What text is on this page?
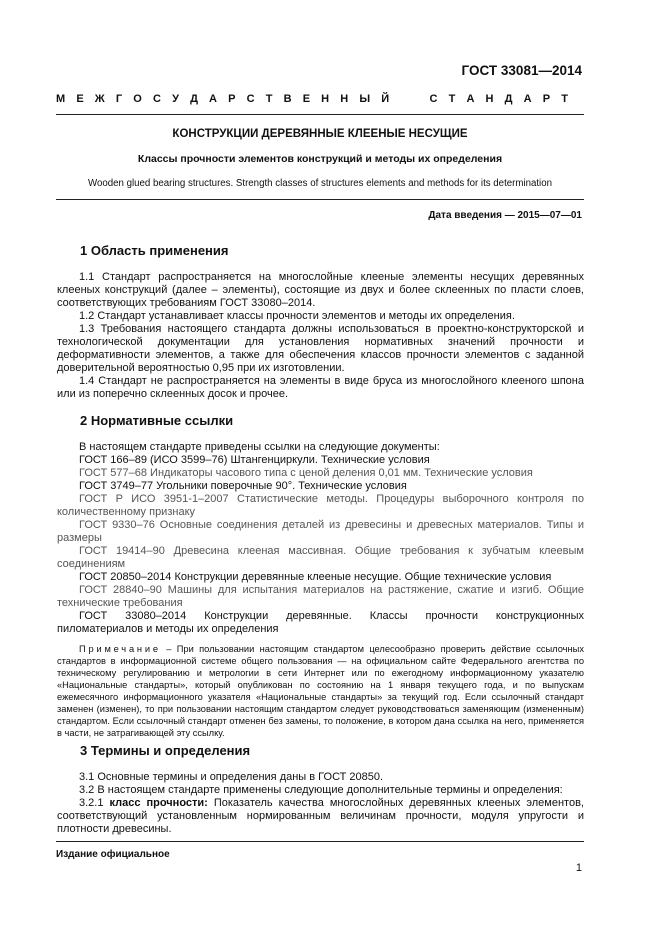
ГОСТ 33081—2014
М Е Ж Г О С У Д А Р С Т В Е Н Н Ы Й	С Т А Н Д А Р Т
КОНСТРУКЦИИ ДЕРЕВЯННЫЕ КЛЕЕНЫЕ НЕСУЩИЕ
Классы прочности элементов конструкций и методы их определения
Wooden glued bearing structures. Strength classes of structures elements and methods for its determination
Дата введения — 2015—07—01
1 Область применения

1.1 Стандарт распространяется на многослойные клееные элементы несущих деревянных клееных конструкций (далее – элементы), состоящие из двух и более склеенных по пласти слоев, соответствующих требованиям ГОСТ 33080–2014.

1.2 Стандарт устанавливает классы прочности элементов и методы их определения.

1.3 Требования настоящего стандарта должны использоваться в проектно-конструкторской и технологической документации для установления нормативных значений прочности и деформативности элементов, а также для обеспечения классов прочности элементов с заданной доверительной вероятностью 0,95 при их изготовлении.

1.4 Стандарт не распространяется на элементы в виде бруса из многослойного клееного шпона или из поперечно склеенных досок и прочее.

2 Нормативные ссылки

В настоящем стандарте приведены ссылки на следующие документы:

ГОСТ 166–89 (ИСО 3599–76) Штангенциркули. Технические условия

ГОСТ 577–68 Индикаторы часового типа с ценой деления 0,01 мм. Технические условия

ГОСТ 3749–77 Угольники поверочные 90°. Технические условия

ГОСТ Р ИСО 3951-1–2007 Статистические методы. Процедуры выборочного контроля по количественному признаку

ГОСТ 9330–76 Основные соединения деталей из древесины и древесных материалов. Типы и размеры

ГОСТ 19414–90 Древесина клееная массивная. Общие требования к зубчатым клеевым соединениям

ГОСТ 20850–2014 Конструкции деревянные клееные несущие. Общие технические условия

ГОСТ 28840–90 Машины для испытания материалов на растяжение, сжатие и изгиб. Общие технические требования

ГОСТ 33080–2014 Конструкции деревянные. Классы прочности конструкционных пиломатериалов и методы их определения

Примечание – При пользовании настоящим стандартом целесообразно проверить действие ссылочных стандартов в информационной системе общего пользования — на официальном сайте Федерального агентства по техническому регулированию и метрологии в сети Интернет или по ежегодному информационному указателю «Национальные стандарты», который опубликован по состоянию на 1 января текущего года, и по выпускам ежемесячного информационного указателя «Национальные стандарты» за текущий год. Если ссылочный стандарт заменен (изменен), то при пользовании настоящим стандартом следует руководствоваться заменяющим (измененным) стандартом. Если ссылочный стандарт отменен без замены, то положение, в котором дана ссылка на него, применяется в части, не затрагивающей эту ссылку.

3 Термины и определения

3.1 Основные термины и определения даны в ГОСТ 20850.

3.2 В настоящем стандарте применены следующие дополнительные термины и определения:

3.2.1 класс прочности: Показатель качества многослойных деревянных клееных элементов, соответствующий установленным нормированным величинам прочности, модуля упругости и плотности древесины.

Издание официальное
1
